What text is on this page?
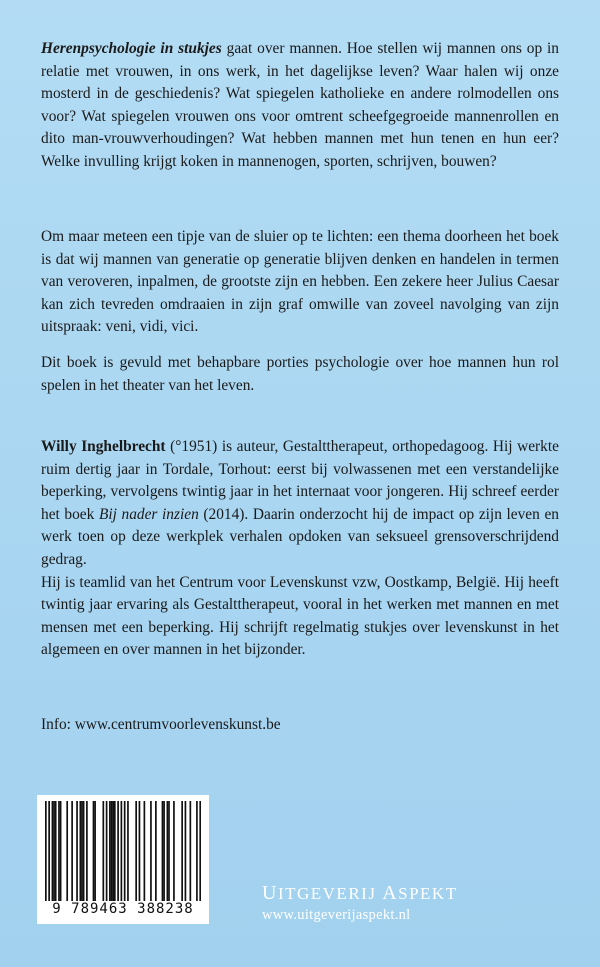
Herenpsychologie in stukjes gaat over mannen. Hoe stellen wij mannen ons op in relatie met vrouwen, in ons werk, in het dagelijkse leven? Waar halen wij onze mosterd in de geschiedenis? Wat spiegelen katholieke en andere rolmodellen ons voor? Wat spiegelen vrouwen ons voor omtrent scheefgegroeide mannenrollen en dito man-vrouwverhoudingen? Wat hebben mannen met hun tenen en hun eer? Welke invulling krijgt koken in mannenogen, sporten, schrijven, bouwen?

Om maar meteen een tipje van de sluier op te lichten: een thema doorheen het boek is dat wij mannen van generatie op generatie blijven denken en handelen in termen van veroveren, inpalmen, de grootste zijn en hebben. Een zekere heer Julius Caesar kan zich tevreden omdraaien in zijn graf omwille van zoveel navolging van zijn uitspraak: veni, vidi, vici.

Dit boek is gevuld met behapbare porties psychologie over hoe mannen hun rol spelen in het theater van het leven.

Willy Inghelbrecht (°1951) is auteur, Gestalttherapeut, orthopedagoog. Hij werkte ruim dertig jaar in Tordale, Torhout: eerst bij volwassenen met een verstandelijke beperking, vervolgens twintig jaar in het internaat voor jongeren. Hij schreef eerder het boek Bij nader inzien (2014). Daarin onderzocht hij de impact op zijn leven en werk toen op deze werkplek verhalen opdoken van seksueel grensoverschrijdend gedrag.

Hij is teamlid van het Centrum voor Levenskunst vzw, Oostkamp, België. Hij heeft twintig jaar ervaring als Gestalttherapeut, vooral in het werken met mannen en met mensen met een beperking. Hij schrijft regelmatig stukjes over levenskunst in het algemeen en over mannen in het bijzonder.

Info: www.centrumvoorlevenskunst.be

9 789463 388238
UITGEVERIJ ASPEKT
www.uitgeverijaspekt.nl
